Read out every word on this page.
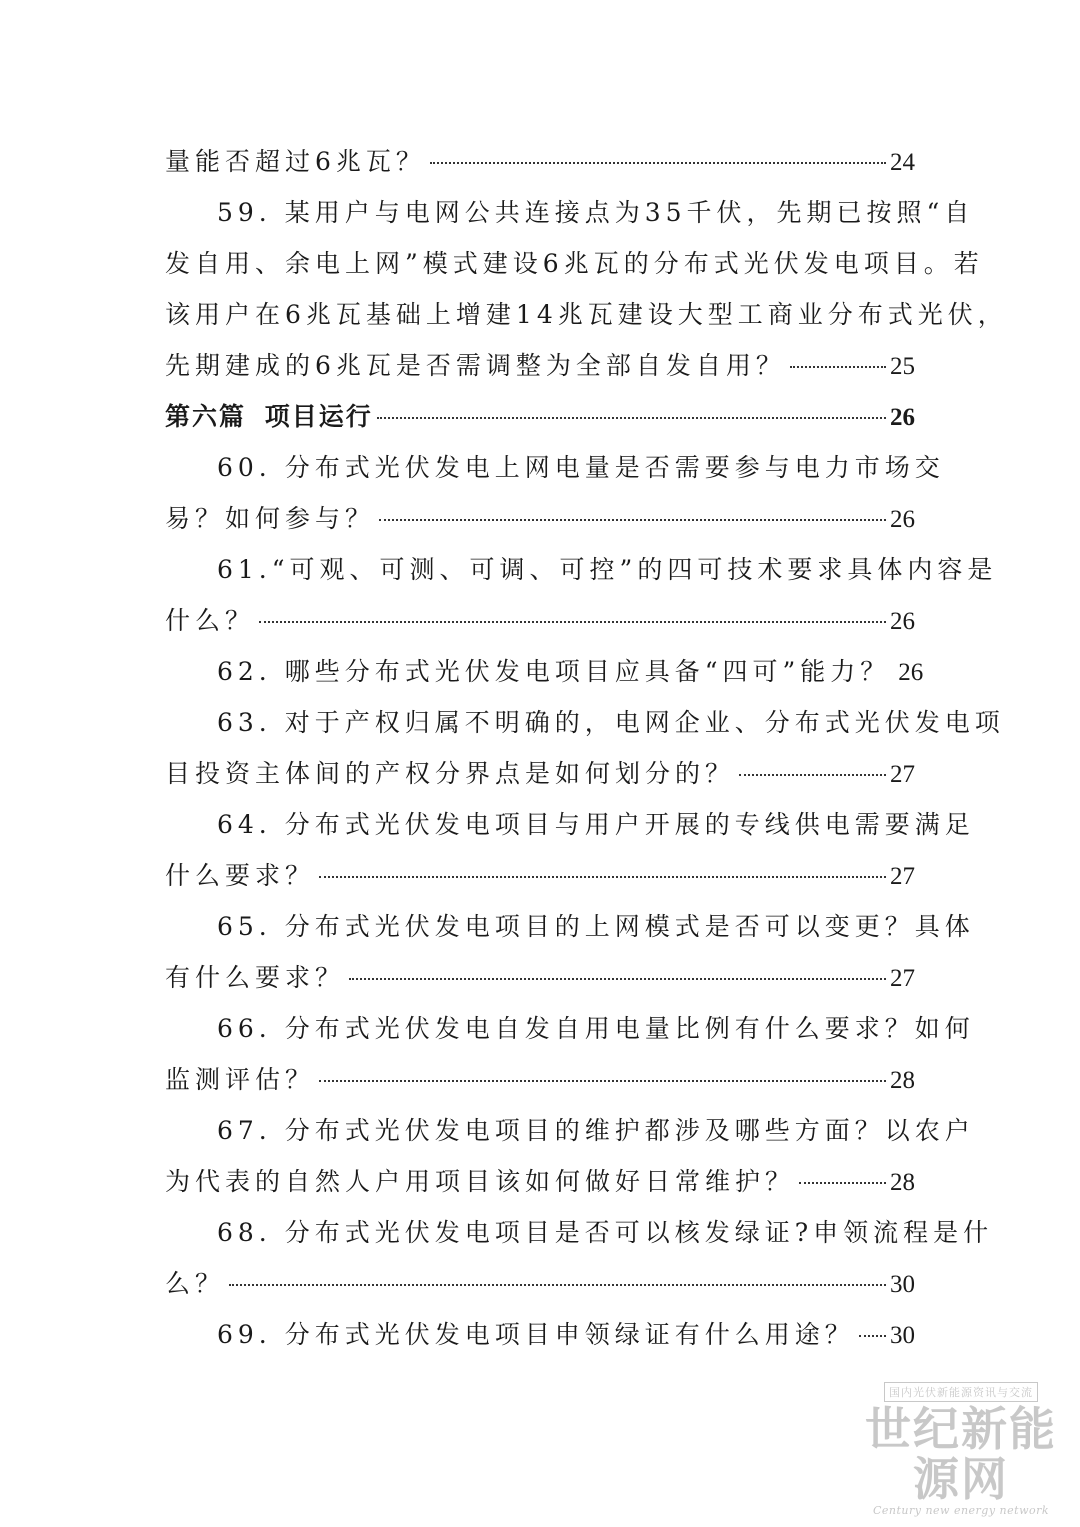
量能否超过6兆瓦？	24
59. 某用户与电网公共连接点为35千伏，先期已按照“自
发自用、余电上网”模式建设6兆瓦的分布式光伏发电项目。若
该用户在6兆瓦基础上增建14兆瓦建设大型工商业分布式光伏，
先期建成的6兆瓦是否需调整为全部自发自用？	25
第六篇 项目运行	26
60. 分布式光伏发电上网电量是否需要参与电力市场交
易？如何参与？	26
61.“可观、可测、可调、可控”的四可技术要求具体内容是
什么？	26
62. 哪些分布式光伏发电项目应具备“四可”能力？ 26
63. 对于产权归属不明确的，电网企业、分布式光伏发电项
目投资主体间的产权分界点是如何划分的？	27
64. 分布式光伏发电项目与用户开展的专线供电需要满足
什么要求？	27
65. 分布式光伏发电项目的上网模式是否可以变更？具体
有什么要求？	27
66. 分布式光伏发电自发自用电量比例有什么要求？如何
监测评估？	28
67. 分布式光伏发电项目的维护都涉及哪些方面？以农户
为代表的自然人户用项目该如何做好日常维护？	28
68. 分布式光伏发电项目是否可以核发绿证?申领流程是什
么？	30
69. 分布式光伏发电项目申领绿证有什么用途？ 30
国内光伏新能源资讯与交流
世纪新能源网
Century new energy network
